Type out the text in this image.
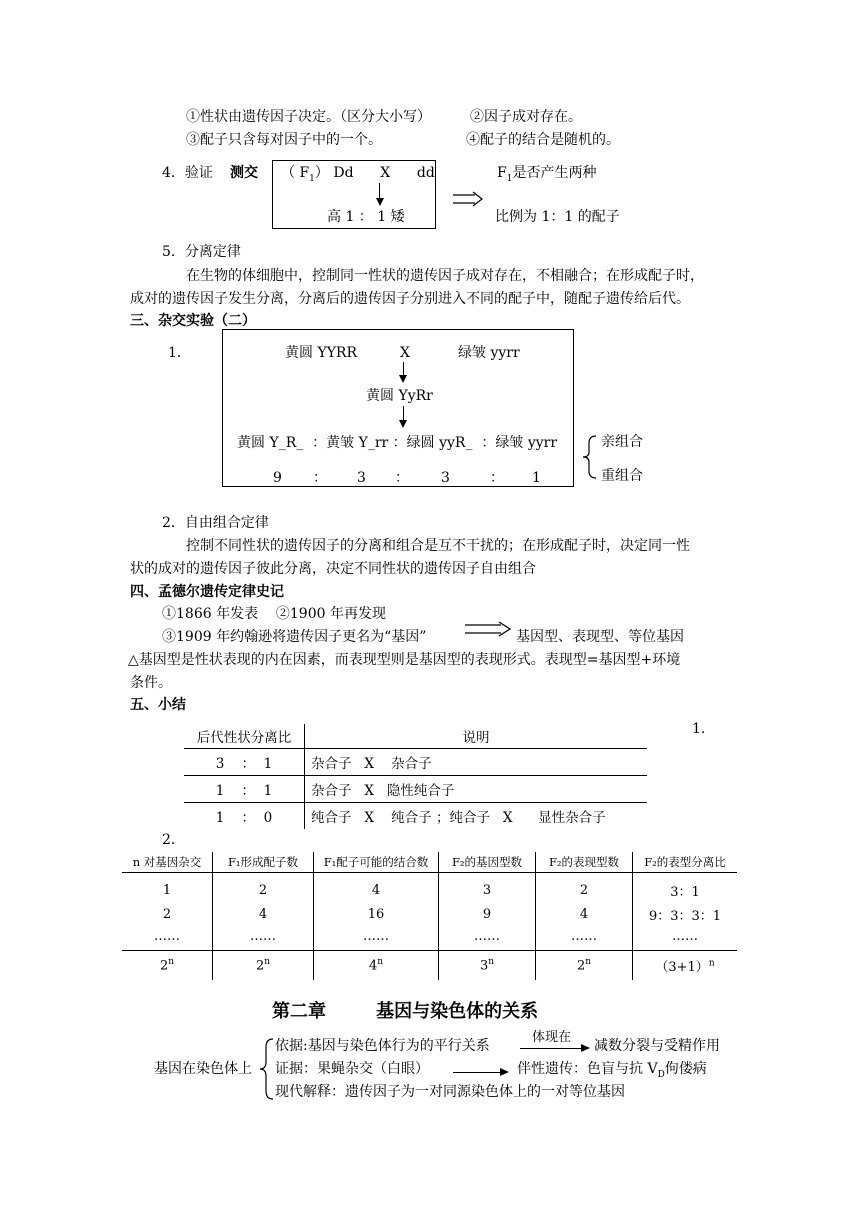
①性状由遗传因子决定。（区分大小写）	②因子成对存在。
③配子只含每对因子中的一个。	④配子的结合是随机的。
4．验证 测交 （ $F_1$） Dd      X      dd
高 1 ： 1 矮
$F_1$是否产生两种
比例为 1：1 的配子
5．分离定律
在生物的体细胞中，控制同一性状的遗传因子成对存在，不相融合；在形成配子时，
成对的遗传因子发生分离，分离后的遗传因子分别进入不同的配子中，随配子遗传给后代。
三、杂交实验（二）
1．	黄圆 YYRR	X	绿皱 yyrr
黄圆 YyRr
黄圆 Y_R_  ：黄皱 Y_rr ：绿圆 yyR_  ：绿皱 yyrr
9 ： 3 ： 3	： 1
亲组合
重组合
2．自由组合定律
控制不同性状的遗传因子的分离和组合是互不干扰的；在形成配子时，决定同一性
状的成对的遗传因子彼此分离，决定不同性状的遗传因子自由组合
四、孟德尔遗传定律史记
①1866 年发表    ②1900 年再发现
③1909 年约翰逊将遗传因子更名为“基因”	基因型、表现型、等位基因
△基因型是性状表现的内在因素，而表现型则是基因型的表现形式。表现型=基因型+环境
条件。
五、小结
1．
后代性状分离比	说明
3    ：  1	杂合子   X    杂合子
1    ：  1	杂合子   X   隐性纯合子
1    ：  0	纯合子   X    纯合子 ；纯合子   X      显性杂合子
2．
n 对基因杂交	F₁形成配子数	F₁配子可能的结合数	F₂的基因型数	F₂的表现型数	F₂的表型分离比
1	2	4	3	2	3：1
2	4	16	9	4	9：3：3：1
……	……	……	……	……	……
2$^n$	2$^n$	4$^n$	3$^n$	2$^n$	$(3+1)^n$
第二章        基因与染色体的关系
基因在染色体上
依据:基因与染色体行为的平行关系
体现在
减数分裂与受精作用
证据：果蝇杂交（白眼）	伴性遗传：色盲与抗 $V_D$佝偻病
现代解释：遗传因子为一对同源染色体上的一对等位基因
